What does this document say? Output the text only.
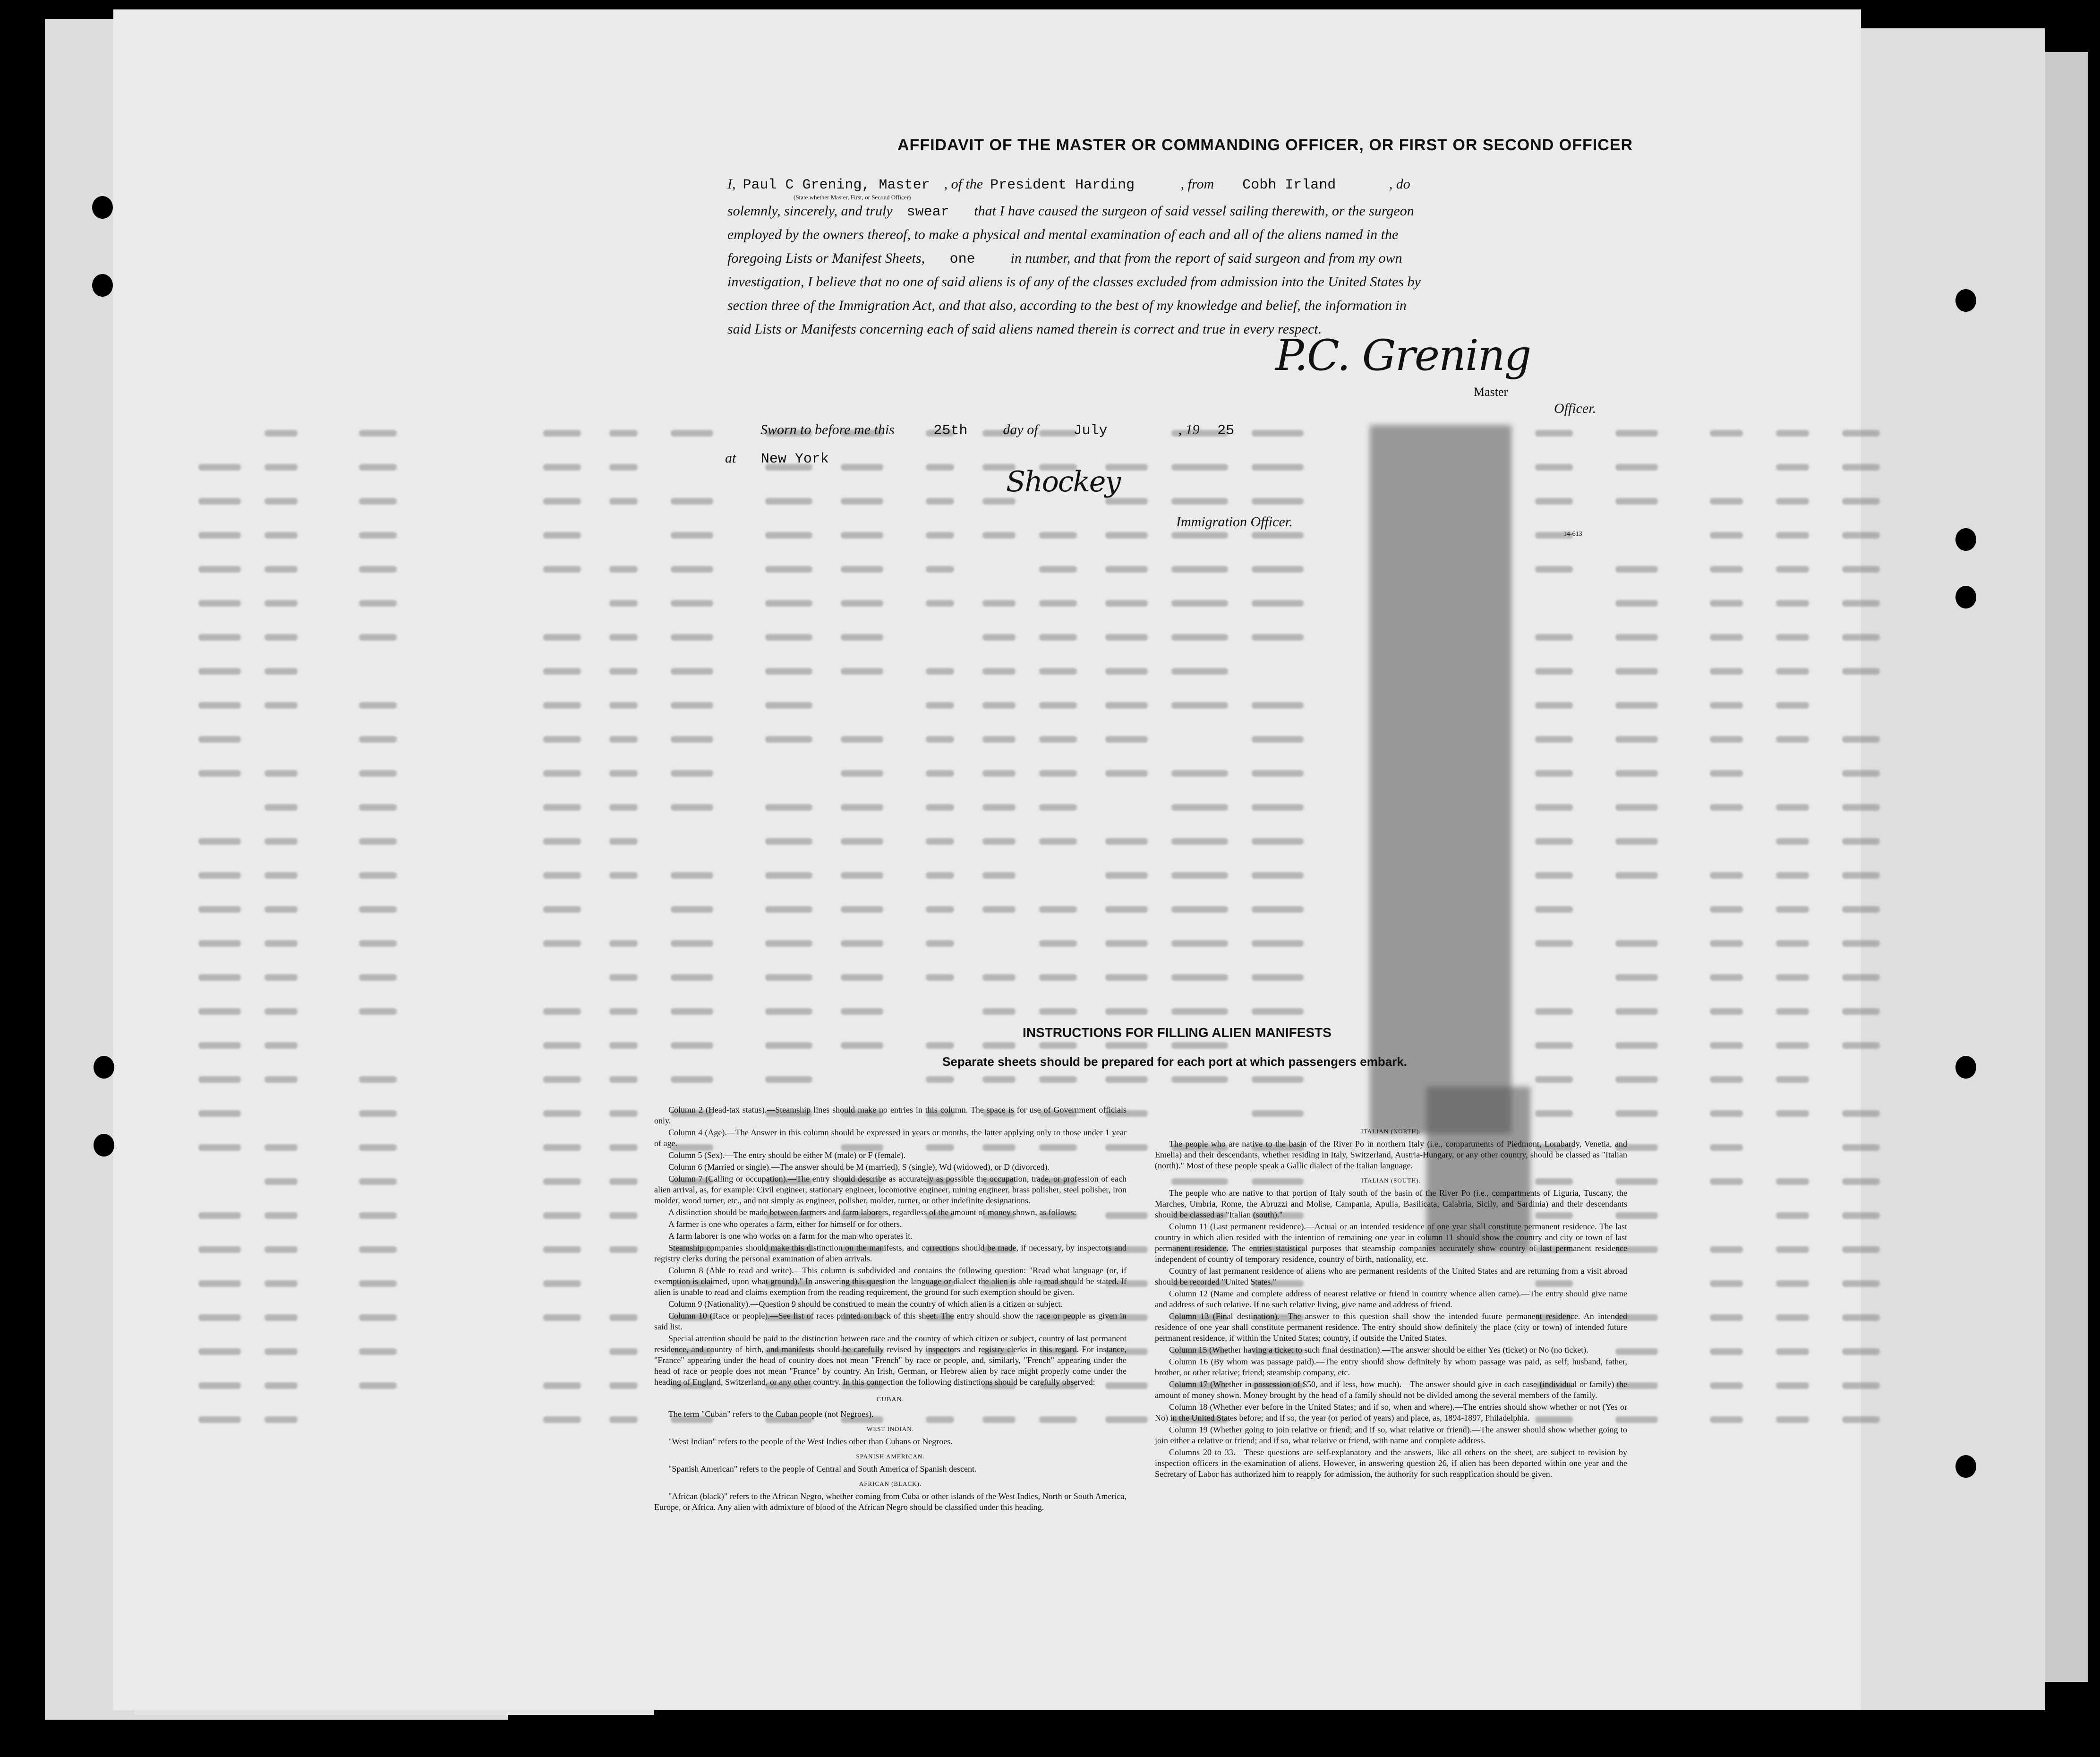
AFFIDAVIT OF THE MASTER OR COMMANDING OFFICER, OR FIRST OR SECOND OFFICER
I, Paul C Grening, Master , of the President Harding	, from Cobh Irland	, do
(State whether Master, First, or Second Officer)
solemnly, sincerely, and truly swear that I have caused the surgeon of said vessel sailing therewith, or the surgeon
employed by the owners thereof, to make a physical and mental examination of each and all of the aliens named in the
foregoing Lists or Manifest Sheets, one	in number, and that from the report of said surgeon and from my own
investigation, I believe that no one of said aliens is of any of the classes excluded from admission into the United States by
section three of the Immigration Act, and that also, according to the best of my knowledge and belief, the information in
said Lists or Manifests concerning each of said aliens named therein is correct and true in every respect.
P.C. Grening
Master
Officer.
Sworn to before me this	25th	day of	July	, 19 25
at New York
Shockey
Immigration Officer.
14-613
INSTRUCTIONS FOR FILLING ALIEN MANIFESTS
Separate sheets should be prepared for each port at which passengers embark.

Column 2 (Head-tax status).—Steamship lines should make no entries in this column. The space is for use of Government officials only.

Column 4 (Age).—The Answer in this column should be expressed in years or months, the latter applying only to those under 1 year of age.

Column 5 (Sex).—The entry should be either M (male) or F (female).

Column 6 (Married or single).—The answer should be M (married), S (single), Wd (widowed), or D (divorced).

Column 7 (Calling or occupation).—The entry should describe as accurately as possible the occupation, trade, or profession of each alien arrival, as, for example: Civil engineer, stationary engineer, locomotive engineer, mining engineer, brass polisher, steel polisher, iron molder, wood turner, etc., and not simply as engineer, polisher, molder, turner, or other indefinite designations.

A distinction should be made between farmers and farm laborers, regardless of the amount of money shown, as follows:

A farmer is one who operates a farm, either for himself or for others.

A farm laborer is one who works on a farm for the man who operates it.

Steamship companies should make this distinction on the manifests, and corrections should be made, if necessary, by inspectors and registry clerks during the personal examination of alien arrivals.

Column 8 (Able to read and write).—This column is subdivided and contains the following question: "Read what language (or, if exemption is claimed, upon what ground)." In answering this question the language or dialect the alien is able to read should be stated. If alien is unable to read and claims exemption from the reading requirement, the ground for such exemption should be given.

Column 9 (Nationality).—Question 9 should be construed to mean the country of which alien is a citizen or subject.

Column 10 (Race or people).—See list of races printed on back of this sheet. The entry should show the race or people as given in said list.

Special attention should be paid to the distinction between race and the country of which citizen or subject, country of last permanent residence, and country of birth, and manifests should be carefully revised by inspectors and registry clerks in this regard. For instance, "France" appearing under the head of country does not mean "French" by race or people, and, similarly, "French" appearing under the head of race or people does not mean "France" by country. An Irish, German, or Hebrew alien by race might properly come under the heading of England, Switzerland, or any other country. In this connection the following distinctions should be carefully observed:

CUBAN.

The term "Cuban" refers to the Cuban people (not Negroes).

WEST INDIAN.

"West Indian" refers to the people of the West Indies other than Cubans or Negroes.

SPANISH AMERICAN.

"Spanish American" refers to the people of Central and South America of Spanish descent.

AFRICAN (BLACK).

"African (black)" refers to the African Negro, whether coming from Cuba or other islands of the West Indies, North or South America, Europe, or Africa. Any alien with admixture of blood of the African Negro should be classified under this heading.

ITALIAN (NORTH).

The people who are native to the basin of the River Po in northern Italy (i.e., compartments of Piedmont, Lombardy, Venetia, and Emelia) and their descendants, whether residing in Italy, Switzerland, Austria-Hungary, or any other country, should be classed as "Italian (north)." Most of these people speak a Gallic dialect of the Italian language.

ITALIAN (SOUTH).

The people who are native to that portion of Italy south of the basin of the River Po (i.e., compartments of Liguria, Tuscany, the Marches, Umbria, Rome, the Abruzzi and Molise, Campania, Apulia, Basilicata, Calabria, Sicily, and Sardinia) and their descendants should be classed as "Italian (south)."

Column 11 (Last permanent residence).—Actual or an intended residence of one year shall constitute permanent residence. The last country in which alien resided with the intention of remaining one year in column 11 should show the country and city or town of last permanent residence. The entries statistical purposes that steamship companies accurately show country of last permanent residence independent of country of temporary residence, country of birth, nationality, etc.

Country of last permanent residence of aliens who are permanent residents of the United States and are returning from a visit abroad should be recorded "United States."

Column 12 (Name and complete address of nearest relative or friend in country whence alien came).—The entry should give name and address of such relative. If no such relative living, give name and address of friend.

Column 13 (Final destination).—The answer to this question shall show the intended future permanent residence. An intended residence of one year shall constitute permanent residence. The entry should show definitely the place (city or town) of intended future permanent residence, if within the United States; country, if outside the United States.

Column 15 (Whether having a ticket to such final destination).—The answer should be either Yes (ticket) or No (no ticket).

Column 16 (By whom was passage paid).—The entry should show definitely by whom passage was paid, as self; husband, father, brother, or other relative; friend; steamship company, etc.

Column 17 (Whether in possession of $50, and if less, how much).—The answer should give in each case (individual or family) the amount of money shown. Money brought by the head of a family should not be divided among the several members of the family.

Column 18 (Whether ever before in the United States; and if so, when and where).—The entries should show whether or not (Yes or No) in the United States before; and if so, the year (or period of years) and place, as, 1894-1897, Philadelphia.

Column 19 (Whether going to join relative or friend; and if so, what relative or friend).—The answer should show whether going to join either a relative or friend; and if so, what relative or friend, with name and complete address.

Columns 20 to 33.—These questions are self-explanatory and the answers, like all others on the sheet, are subject to revision by inspection officers in the examination of aliens. However, in answering question 26, if alien has been deported within one year and the Secretary of Labor has authorized him to reapply for admission, the authority for such reapplication should be given.
